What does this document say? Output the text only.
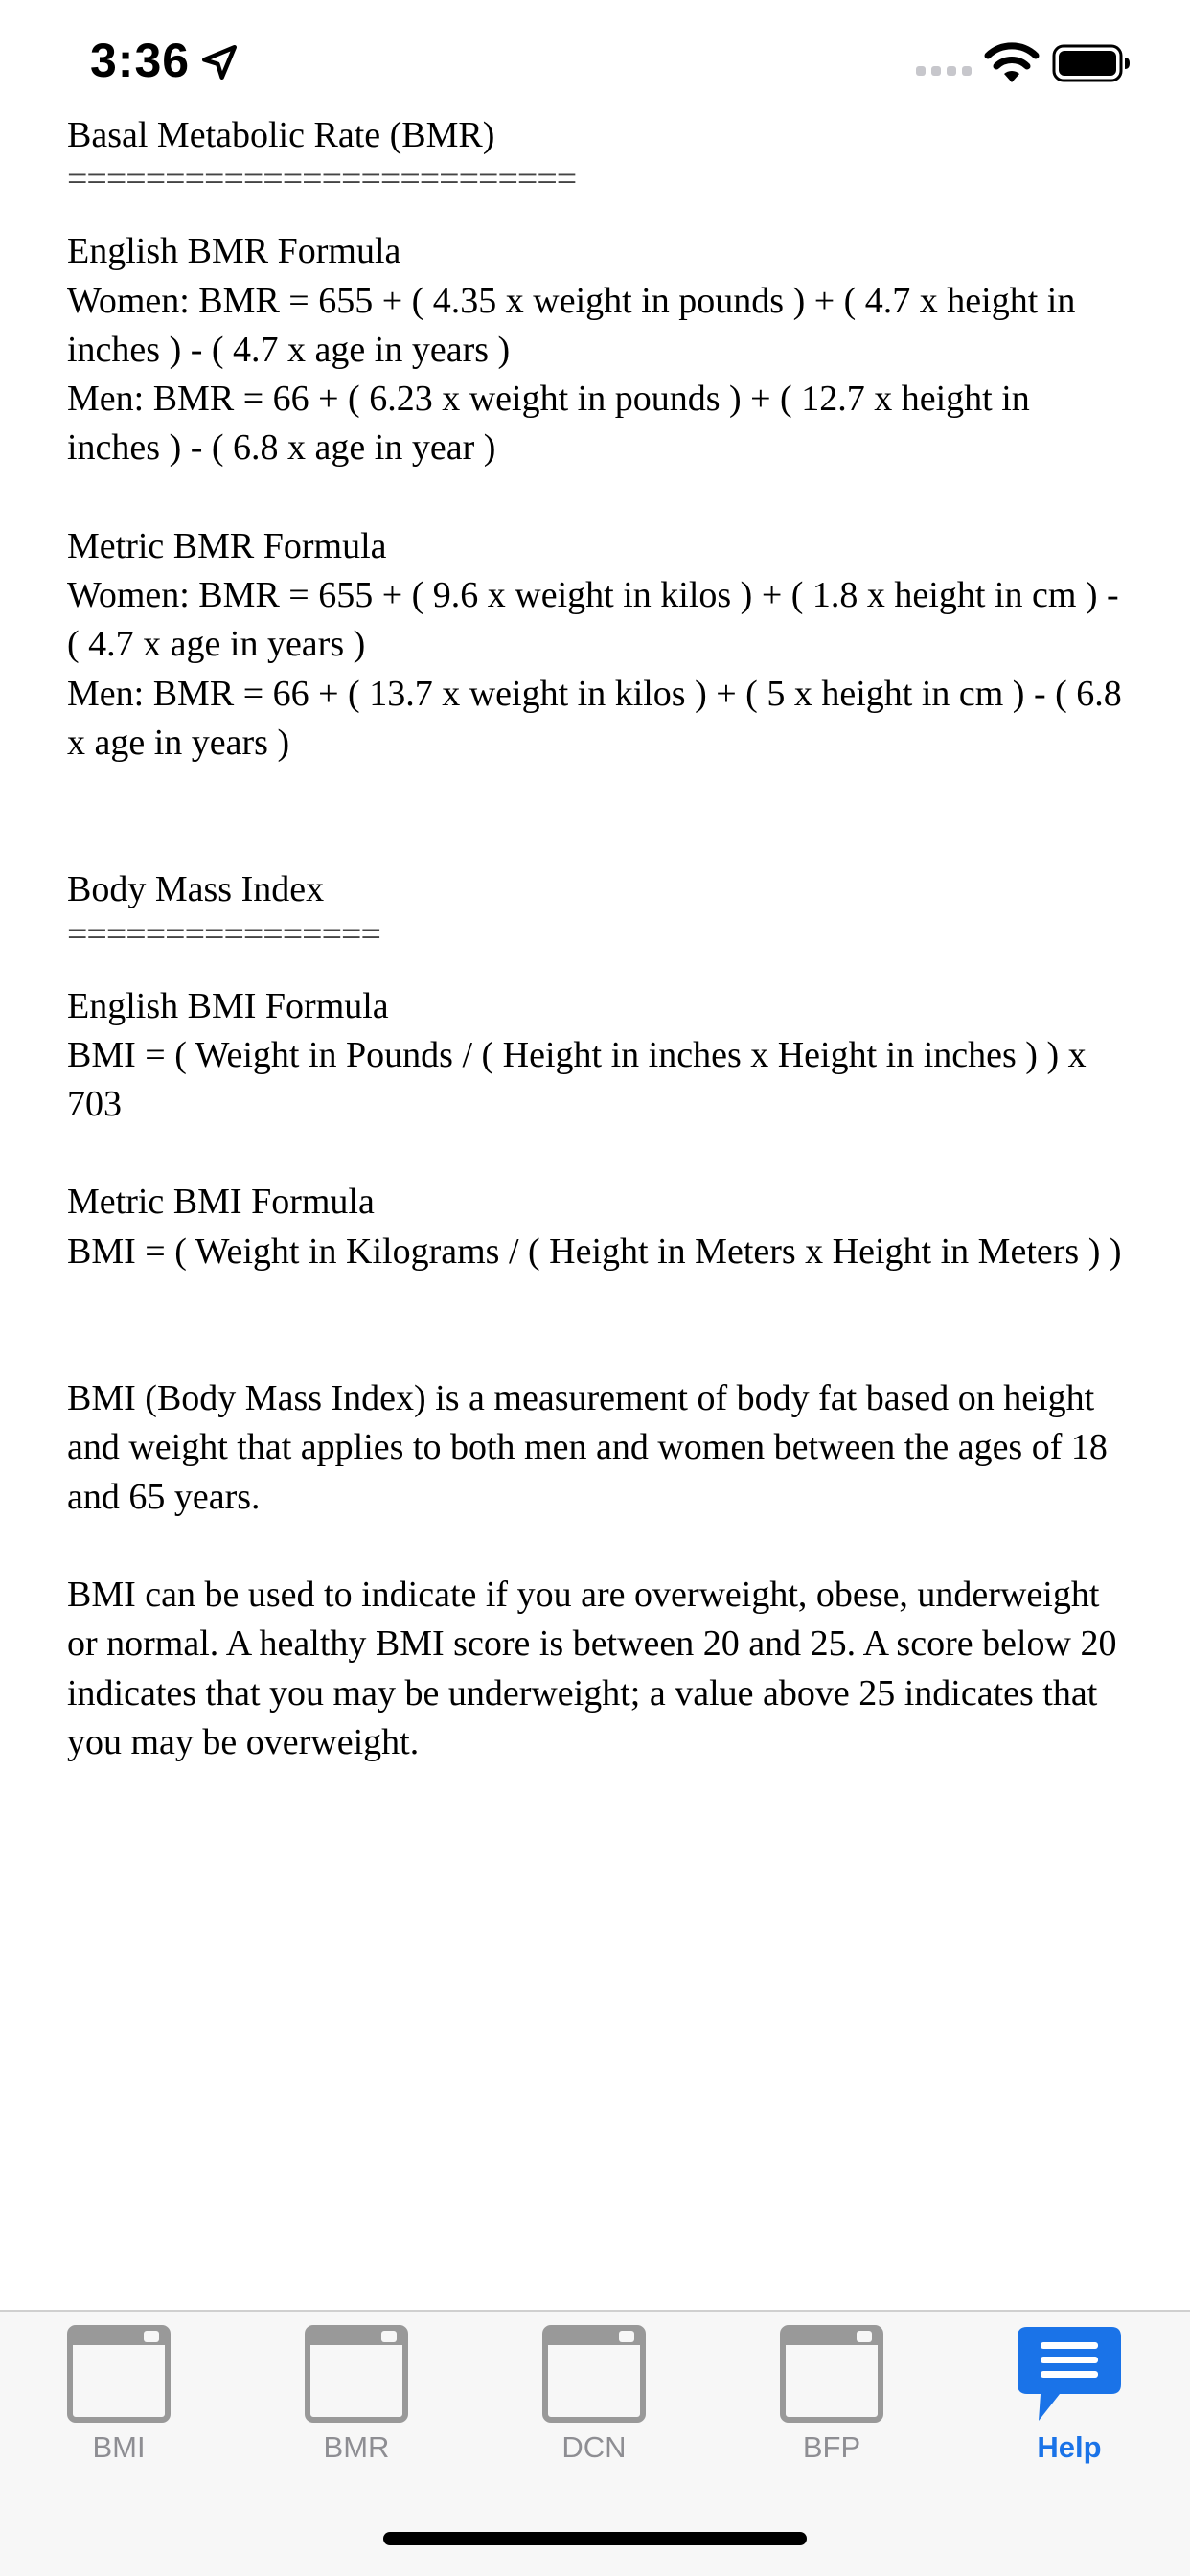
3:36

Basal Metabolic Rate (BMR)

==========================

English BMR Formula

Women: BMR = 655 + ( 4.35 x weight in pounds ) + ( 4.7 x height in inches ) - ( 4.7 x age in years )

Men: BMR = 66 + ( 6.23 x weight in pounds ) + ( 12.7 x height in inches ) - ( 6.8 x age in year )

Metric BMR Formula

Women: BMR = 655 + ( 9.6 x weight in kilos ) + ( 1.8 x height in cm ) - ( 4.7 x age in years )

Men: BMR = 66 + ( 13.7 x weight in kilos ) + ( 5 x height in cm ) - ( 6.8 x age in years )

Body Mass Index

================

English BMI Formula

BMI = ( Weight in Pounds / ( Height in inches x Height in inches ) ) x 703

Metric BMI Formula

BMI = ( Weight in Kilograms / ( Height in Meters x Height in Meters ) )

BMI (Body Mass Index) is a measurement of body fat based on height and weight that applies to both men and women between the ages of 18 and 65 years.

BMI can be used to indicate if you are overweight, obese, underweight or normal. A healthy BMI score is between 20 and 25. A score below 20 indicates that you may be underweight; a value above 25 indicates that you may be overweight.

BMI	BMR	DCN	BFP	Help
